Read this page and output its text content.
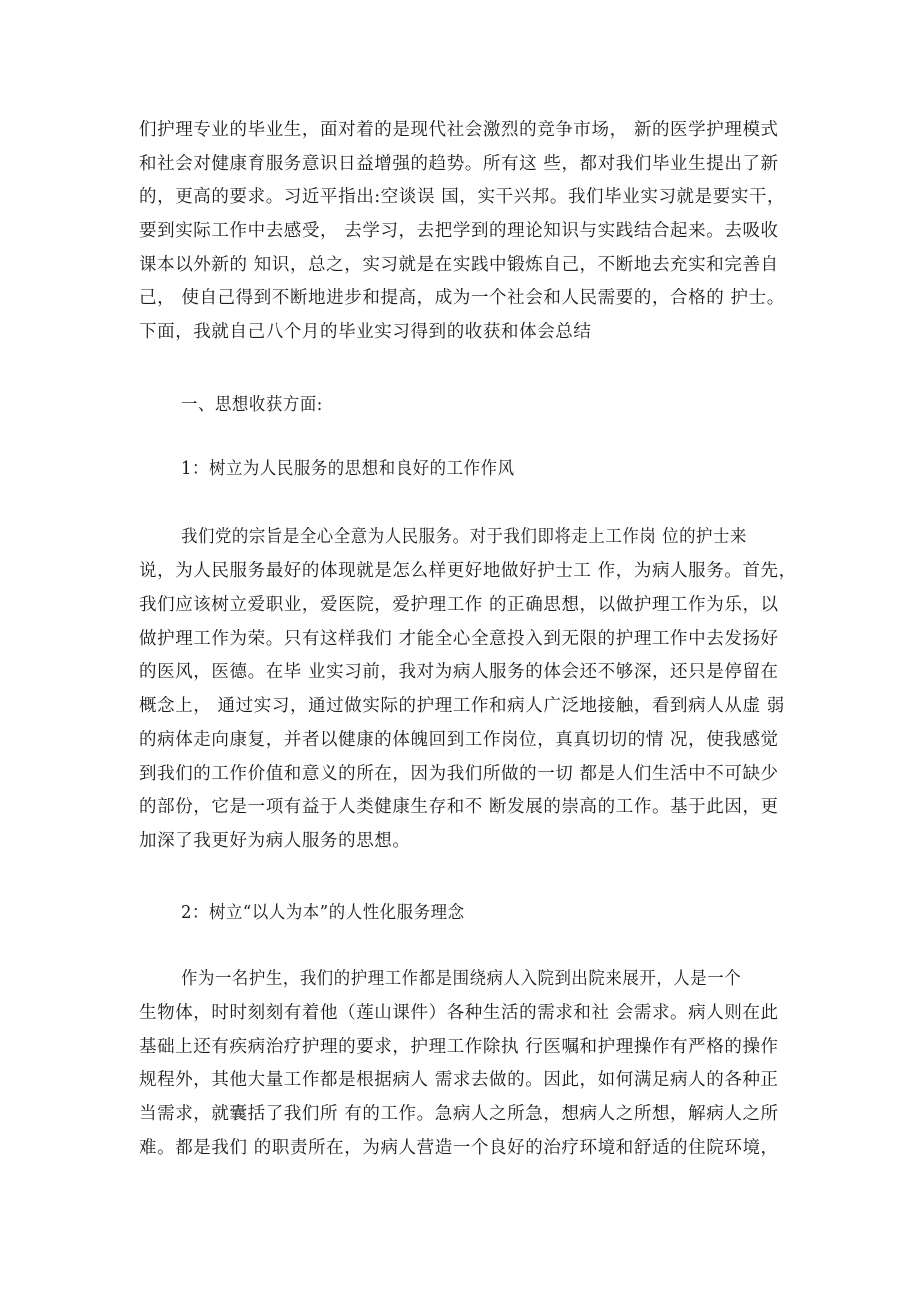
们护理专业的毕业生，面对着的是现代社会激烈的竞争市场， 新的医学护理模式
和社会对健康育服务意识日益增强的趋势。所有这 些，都对我们毕业生提出了新
的，更高的要求。习近平指出:空谈误 国，实干兴邦。我们毕业实习就是要实干，
要到实际工作中去感受， 去学习，去把学到的理论知识与实践结合起来。去吸收
课本以外新的 知识，总之，实习就是在实践中锻炼自己，不断地去充实和完善自
己， 使自己得到不断地进步和提高，成为一个社会和人民需要的，合格的 护士。
下面，我就自己八个月的毕业实习得到的收获和体会总结
一、思想收获方面:
1：树立为人民服务的思想和良好的工作作风
我们党的宗旨是全心全意为人民服务。对于我们即将走上工作岗 位的护士来
说，为人民服务最好的体现就是怎么样更好地做好护士工 作，为病人服务。首先，
我们应该树立爱职业，爱医院，爱护理工作 的正确思想，以做护理工作为乐，以
做护理工作为荣。只有这样我们 才能全心全意投入到无限的护理工作中去发扬好
的医风，医德。在毕 业实习前，我对为病人服务的体会还不够深，还只是停留在
概念上， 通过实习，通过做实际的护理工作和病人广泛地接触，看到病人从虚 弱
的病体走向康复，并者以健康的体魄回到工作岗位，真真切切的情 况，使我感觉
到我们的工作价值和意义的所在，因为我们所做的一切 都是人们生活中不可缺少
的部份，它是一项有益于人类健康生存和不 断发展的崇高的工作。基于此因，更
加深了我更好为病人服务的思想。
2：树立“以人为本”的人性化服务理念
作为一名护生，我们的护理工作都是围绕病人入院到出院来展开，人是一个
生物体，时时刻刻有着他（莲山课件）各种生活的需求和社 会需求。病人则在此
基础上还有疾病治疗护理的要求，护理工作除执 行医嘱和护理操作有严格的操作
规程外，其他大量工作都是根据病人 需求去做的。因此，如何满足病人的各种正
当需求，就囊括了我们所 有的工作。急病人之所急，想病人之所想，解病人之所
难。都是我们 的职责所在，为病人营造一个良好的治疗环境和舒适的住院环境，
